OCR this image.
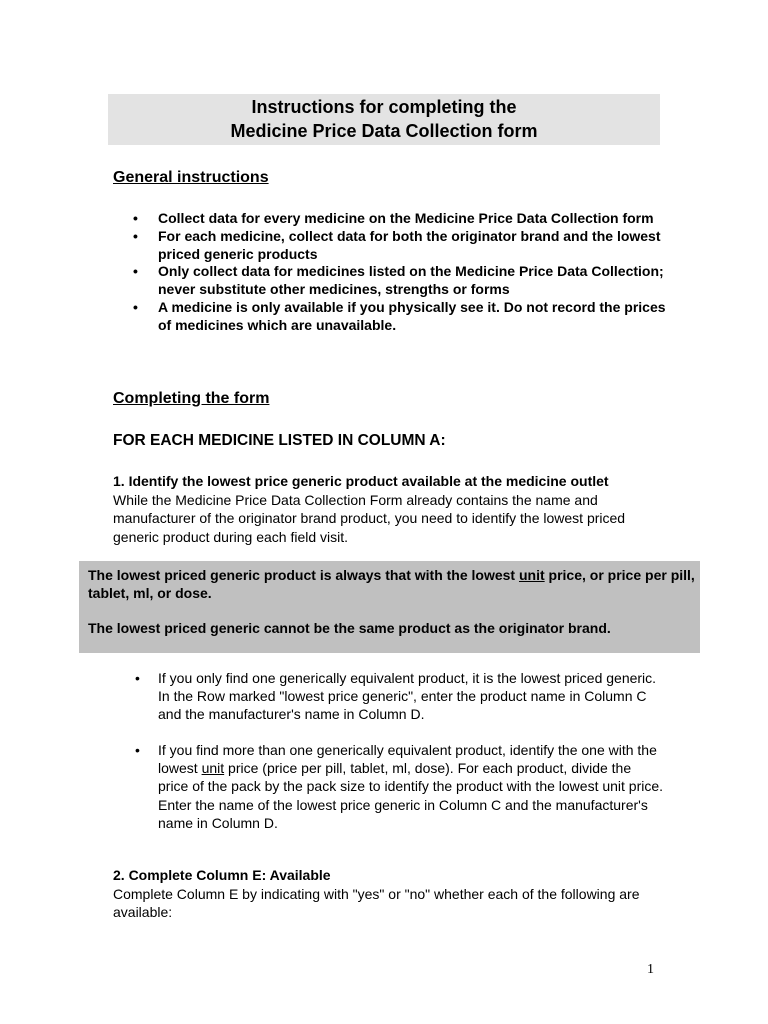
Instructions for completing the
Medicine Price Data Collection form
General instructions
• Collect data for every medicine on the Medicine Price Data Collection form
• For each medicine, collect data for both the originator brand and the lowest priced generic products
• Only collect data for medicines listed on the Medicine Price Data Collection; never substitute other medicines, strengths or forms
• A medicine is only available if you physically see it. Do not record the prices of medicines which are unavailable.
Completing the form
FOR EACH MEDICINE LISTED IN COLUMN A:
1. Identify the lowest price generic product available at the medicine outlet
While the Medicine Price Data Collection Form already contains the name and manufacturer of the originator brand product, you need to identify the lowest priced generic product during each field visit.

The lowest priced generic product is always that with the lowest unit price, or price per pill, tablet, ml, or dose.

The lowest priced generic cannot be the same product as the originator brand.

• If you only find one generically equivalent product, it is the lowest priced generic. In the Row marked "lowest price generic", enter the product name in Column C and the manufacturer's name in Column D.
• If you find more than one generically equivalent product, identify the one with the lowest unit price (price per pill, tablet, ml, dose). For each product, divide the price of the pack by the pack size to identify the product with the lowest unit price. Enter the name of the lowest price generic in Column C and the manufacturer's name in Column D.
2. Complete Column E: Available
Complete Column E by indicating with "yes" or "no" whether each of the following are available:
1
